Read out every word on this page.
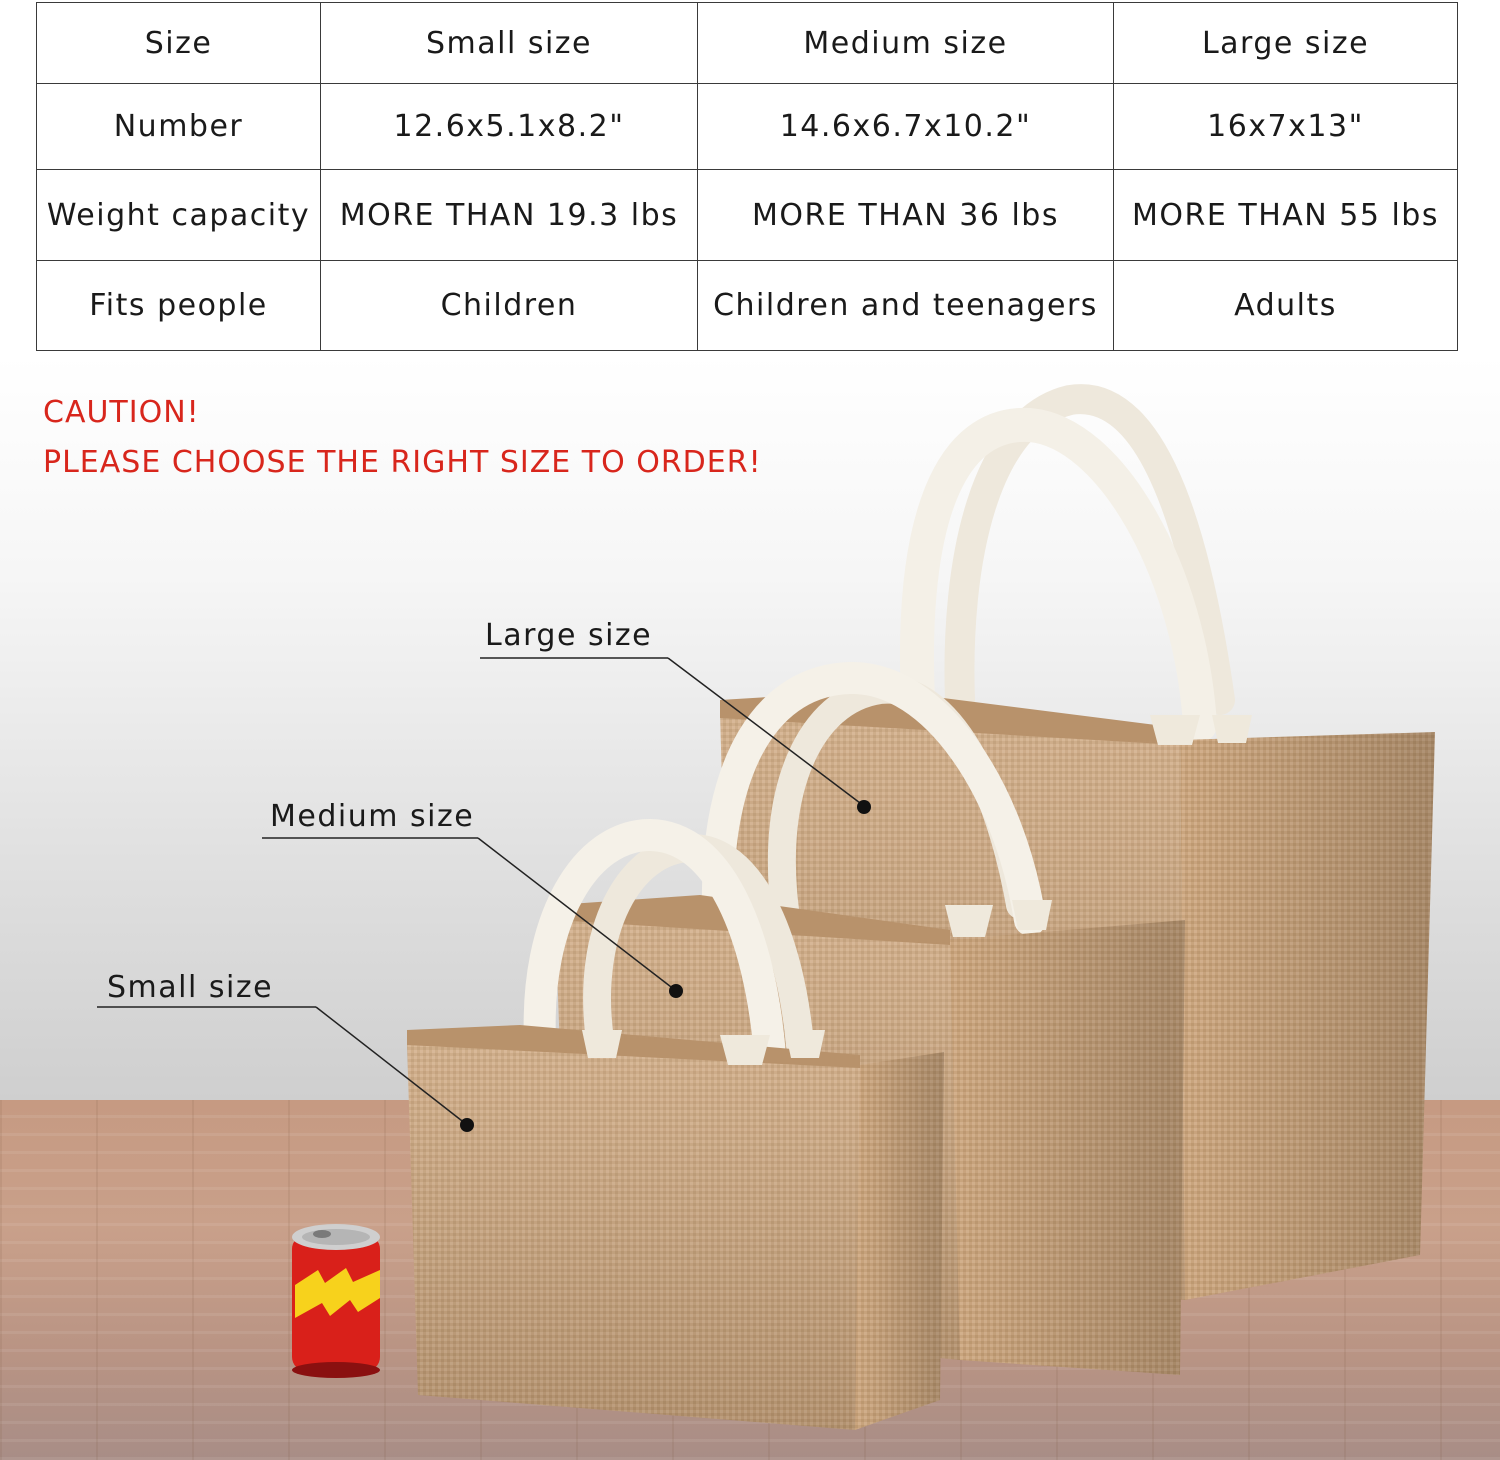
Size	Small size	Medium size	Large size
Number	12.6x5.1x8.2"	14.6x6.7x10.2"	16x7x13"
Weight capacity	MORE THAN 19.3 lbs	MORE THAN 36 lbs	MORE THAN 55 lbs
Fits people	Children	Children and teenagers	Adults
CAUTION!
PLEASE CHOOSE THE RIGHT SIZE TO ORDER!
Large size
Medium size
Small size
